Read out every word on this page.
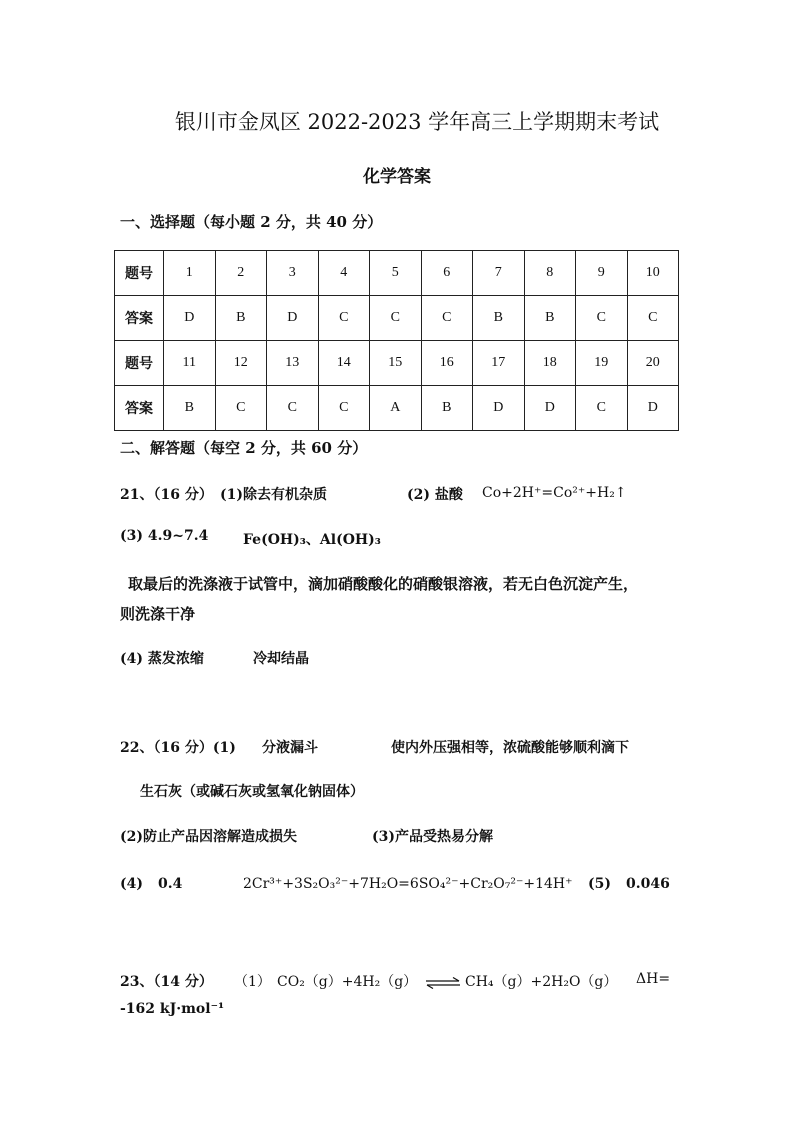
银川市金凤区 2022-2023 学年高三上学期期末考试
化学答案
一、选择题（每小题 2 分，共 40 分）
题号	1	2	3	4	5	6	7	8	9	10
答案	D	B	D	C	C	C	B	B	C	C
题号	11	12	13	14	15	16	17	18	19	20
答案	B	C	C	C	A	B	D	D	C	D
二、解答题（每空 2 分，共 60 分）
21、（16 分） (1)除去有机杂质	(2) 盐酸 Co+2H⁺=Co²⁺+H₂↑
(3) 4.9~7.4 Fe(OH)₃、Al(OH)₃
取最后的洗涤液于试管中，滴加硝酸酸化的硝酸银溶液，若无白色沉淀产生，
则洗涤干净
(4) 蒸发浓缩	冷却结晶
22、（16 分）(1) 分液漏斗	使内外压强相等，浓硫酸能够顺利滴下
生石灰（或碱石灰或氢氧化钠固体）
(2)防止产品因溶解造成损失	(3)产品受热易分解
(4) 0.4	2Cr³⁺+3S₂O₃²⁻+7H₂O=6SO₄²⁻+Cr₂O₇²⁻+14H⁺ (5) 0.046
23、（14 分） （1） CO₂（g）+4H₂（g） ⇌ CH₄（g）+2H₂O（g） ΔH=
-162 kJ·mol⁻¹
